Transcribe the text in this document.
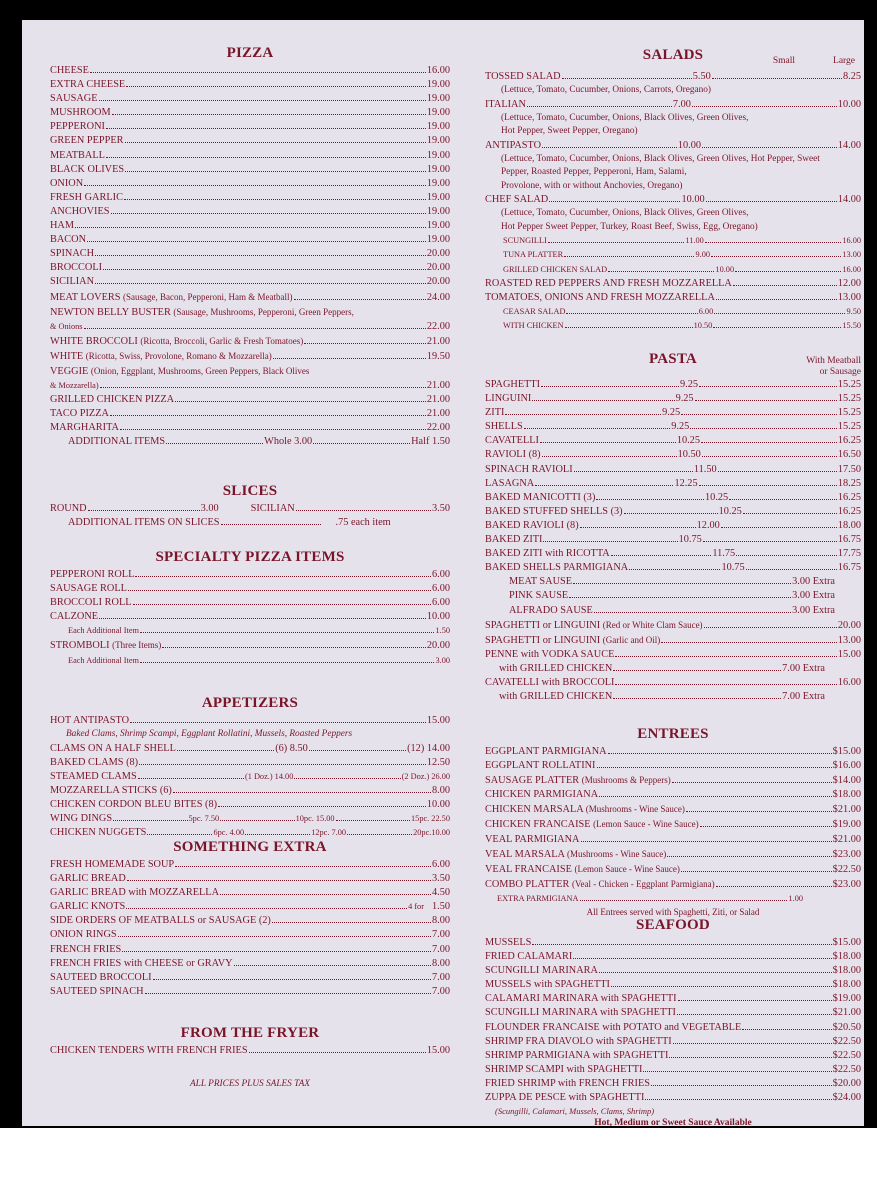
PIZZA
CHEESE	16.00
EXTRA CHEESE	19.00
SAUSAGE	19.00
MUSHROOM	19.00
PEPPERONI	19.00
GREEN PEPPER	19.00
MEATBALL	19.00
BLACK OLIVES	19.00
ONION	19.00
FRESH GARLIC	19.00
ANCHOVIES	19.00
HAM	19.00
BACON	19.00
SPINACH	20.00
BROCCOLI	20.00
SICILIAN	20.00
MEAT LOVERS (Sausage, Bacon, Pepperoni, Ham & Meatball)	24.00
NEWTON BELLY BUSTER (Sausage, Mushrooms, Pepperoni, Green Peppers,
& Onions	22.00
WHITE BROCCOLI (Ricotta, Broccoli, Garlic & Fresh Tomatoes)	21.00
WHITE (Ricotta, Swiss, Provolone, Romano & Mozzarella)	19.50
VEGGIE (Onion, Eggplant, Mushrooms, Green Peppers, Black Olives
& Mozzarella)	21.00
GRILLED CHICKEN PIZZA	21.00
TACO PIZZA	21.00
MARGHARITA	22.00
ADDITIONAL ITEMS	Whole 3.00	Half 1.50
SLICES
ROUND	3.00	SICILIAN	3.50
ADDITIONAL ITEMS ON SLICES	.75 each item
SPECIALTY PIZZA ITEMS
PEPPERONI ROLL	6.00
SAUSAGE ROLL	6.00
BROCCOLI ROLL	6.00
CALZONE	10.00
Each Additional Item	1.50
STROMBOLI (Three Items)	20.00
Each Additional Item	3.00
APPETIZERS
HOT ANTIPASTO	15.00
Baked Clams, Shrimp Scampi, Eggplant Rollatini, Mussels, Roasted Peppers
CLAMS ON A HALF SHELL	(6) 8.50	(12) 14.00
BAKED CLAMS (8)	12.50
STEAMED CLAMS	(1 Doz.) 14.00	(2 Doz.) 26.00
MOZZARELLA STICKS (6)	8.00
CHICKEN CORDON BLEU BITES (8)	10.00
WING DINGS	5pc. 7.50	10pc. 15.00	15pc. 22.50
CHICKEN NUGGETS	6pc. 4.00	12pc. 7.00	20pc.10.00
SOMETHING EXTRA
FRESH HOMEMADE SOUP	6.00
GARLIC BREAD	3.50
GARLIC BREAD with MOZZARELLA	4.50
GARLIC KNOTS	4 for 1.50
SIDE ORDERS OF MEATBALLS or SAUSAGE (2)	8.00
ONION RINGS	7.00
FRENCH FRIES	7.00
FRENCH FRIES with CHEESE or GRAVY	8.00
SAUTEED BROCCOLI	7.00
SAUTEED SPINACH	7.00
FROM THE FRYER
CHICKEN TENDERS WITH FRENCH FRIES	15.00
ALL PRICES PLUS SALES TAX
SALADS	Small	Large
TOSSED SALAD	5.50	8.25
(Lettuce, Tomato, Cucumber, Onions, Carrots, Oregano)
ITALIAN	7.00	10.00
(Lettuce, Tomato, Cucumber, Onions, Black Olives, Green Olives,
Hot Pepper, Sweet Pepper, Oregano)
ANTIPASTO	10.00	14.00
(Lettuce, Tomato, Cucumber, Onions, Black Olives, Green Olives, Hot Pepper, Sweet
Pepper, Roasted Pepper, Pepperoni, Ham, Salami,
Provolone, with or without Anchovies, Oregano)
CHEF SALAD	10.00	14.00
(Lettuce, Tomato, Cucumber, Onions, Black Olives, Green Olives,
Hot Pepper Sweet Pepper, Turkey, Roast Beef, Swiss, Egg, Oregano)
SCUNGILLI	11.00	16.00
TUNA PLATTER	9.00	13.00
GRILLED CHICKEN SALAD	10.00	16.00
ROASTED RED PEPPERS AND FRESH MOZZARELLA	12.00
TOMATOES, ONIONS AND FRESH MOZZARELLA	13.00
CEASAR SALAD	6.00	9.50
WITH CHICKEN	10.50	15.50
PASTA	With Meatball
or Sausage
SPAGHETTI	9.25	15.25
LINGUINI	9.25	15.25
ZITI	9.25	15.25
SHELLS	9.25	15.25
CAVATELLI	10.25	16.25
RAVIOLI (8)	10.50	16.50
SPINACH RAVIOLI	11.50	17.50
LASAGNA	12.25	18.25
BAKED MANICOTTI (3)	10.25	16.25
BAKED STUFFED SHELLS (3)	10.25	16.25
BAKED RAVIOLI (8)	12.00	18.00
BAKED ZITI	10.75	16.75
BAKED ZITI with RICOTTA	11.75	17.75
BAKED SHELLS PARMIGIANA	10.75	16.75
MEAT SAUSE	3.00 Extra
PINK SAUSE	3.00 Extra
ALFRADO SAUSE	3.00 Extra
SPAGHETTI or LINGUINI (Red or White Clam Sauce)	20.00
SPAGHETTI or LINGUINI (Garlic and Oil)	13.00
PENNE with VODKA SAUCE	15.00
with GRILLED CHICKEN	7.00 Extra
CAVATELLI with BROCCOLI	16.00
with GRILLED CHICKEN	7.00 Extra
ENTREES
EGGPLANT PARMIGIANA	$15.00
EGGPLANT ROLLATINI	$16.00
SAUSAGE PLATTER (Mushrooms & Peppers)	$14.00
CHICKEN PARMIGIANA	$18.00
CHICKEN MARSALA (Mushrooms - Wine Sauce)	$21.00
CHICKEN FRANCAISE (Lemon Sauce - Wine Sauce)	$19.00
VEAL PARMIGIANA	$21.00
VEAL MARSALA (Mushrooms - Wine Sauce)	$23.00
VEAL FRANCAISE (Lemon Sauce - Wine Sauce)	$22.50
COMBO PLATTER (Veal - Chicken - Eggplant Parmigiana)	$23.00
EXTRA PARMIGIANA	1.00
All Entrees served with Spaghetti, Ziti, or Salad
SEAFOOD
MUSSELS	$15.00
FRIED CALAMARI	$18.00
SCUNGILLI MARINARA	$18.00
MUSSELS with SPAGHETTI	$18.00
CALAMARI MARINARA with SPAGHETTI	$19.00
SCUNGILLI MARINARA with SPAGHETTI	$21.00
FLOUNDER FRANCAISE with POTATO and VEGETABLE	$20.50
SHRIMP FRA DIAVOLO with SPAGHETTI	$22.50
SHRIMP PARMIGIANA with SPAGHETTI	$22.50
SHRIMP SCAMPI with SPAGHETTI	$22.50
FRIED SHRIMP with FRENCH FRIES	$20.00
ZUPPA DE PESCE with SPAGHETTI	$24.00
(Scungilli, Calamari, Mussels, Clams, Shrimp)
Hot, Medium or Sweet Sauce Available
